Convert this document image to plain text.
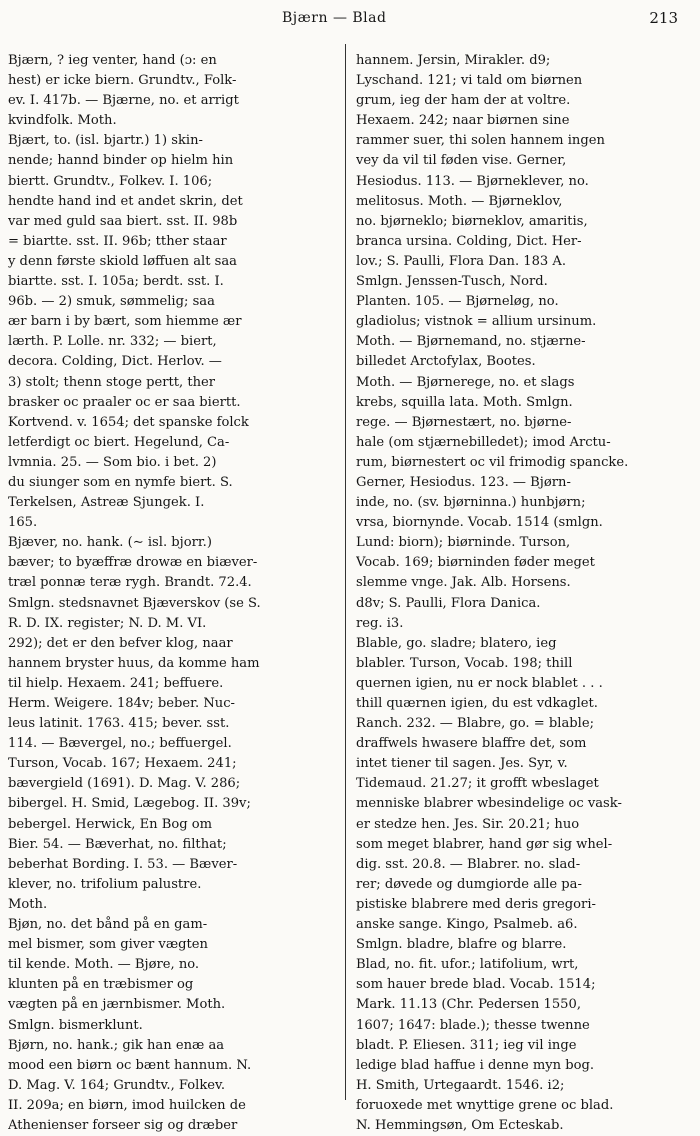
Bjærn — Blad	213
Bjærn, ? ieg venter, hand (ɔ: en
hest) er icke biern. Grundtv., Folk-
ev. I. 417b. — Bjærne, no. et arrigt
kvindfolk. Moth.
Bjært, to. (isl. bjartr.) 1) skin-
nende; hannd binder op hielm hin
biertt. Grundtv., Folkev. I. 106;
hendte hand ind et andet skrin, det
var med guld saa biert. sst. II. 98b
= biartte. sst. II. 96b; tther staar
y denn første skiold løffuen alt saa
biartte. sst. I. 105a; berdt. sst. I.
96b. — 2) smuk, sømmelig; saa
ær barn i by bært, som hiemme ær
lærth. P. Lolle. nr. 332; — biert,
decora. Colding, Dict. Herlov. —
3) stolt; thenn stoge pertt, ther
brasker oc praaler oc er saa biertt.
Kortvend. v. 1654; det spanske folck
letferdigt oc biert. Hegelund, Ca-
lvmnia. 25. — Som bio. i bet. 2)
du siunger som en nymfe biert. S.
Terkelsen, Astreæ Sjungek. I.
165.
Bjæver, no. hank. (∼ isl. bjorr.)
bæver; to byæffræ drowæ en biæver-
træl ponnæ teræ rygh. Brandt. 72.4.
Smlgn. stedsnavnet Bjæverskov (se S.
R. D. IX. register; N. D. M. VI.
292); det er den befver klog, naar
hannem bryster huus, da komme ham
til hielp. Hexaem. 241; beffuere.
Herm. Weigere. 184v; beber. Nuc-
leus latinit. 1763. 415; bever. sst.
114. — Bævergel, no.; beffuergel.
Turson, Vocab. 167; Hexaem. 241;
bævergield (1691). D. Mag. V. 286;
bibergel. H. Smid, Lægebog. II. 39v;
bebergel. Herwick, En Bog om
Bier. 54. — Bæverhat, no. filthat;
beberhat Bording. I. 53. — Bæver-
klever, no. trifolium palustre.
Moth.
Bjøn, no. det bånd på en gam-
mel bismer, som giver vægten
til kende. Moth. — Bjøre, no.
klunten på en træbismer og
vægten på en jærnbismer. Moth.
Smlgn. bismerklunt.
Bjørn, no. hank.; gik han enæ aa
mood een biørn oc bænt hannum. N.
D. Mag. V. 164; Grundtv., Folkev.
II. 209a; en biørn, imod huilcken de
Athenienser forseer sig og dræber
hannem. Jersin, Mirakler. d9;
Lyschand. 121; vi tald om biørnen
grum, ieg der ham der at voltre.
Hexaem. 242; naar biørnen sine
rammer suer, thi solen hannem ingen
vey da vil til føden vise. Gerner,
Hesiodus. 113. — Bjørneklever, no.
melitosus. Moth. — Bjørneklov,
no. bjørneklo; biørneklov, amaritis,
branca ursina. Colding, Dict. Her-
lov.; S. Paulli, Flora Dan. 183 A.
Smlgn. Jenssen-Tusch, Nord.
Planten. 105. — Bjørneløg, no.
gladiolus; vistnok = allium ursinum.
Moth. — Bjørnemand, no. stjærne-
billedet Arctofylax, Bootes.
Moth. — Bjørnerege, no. et slags
krebs, squilla lata. Moth. Smlgn.
rege. — Bjørnestært, no. bjørne-
hale (om stjærnebilledet); imod Arctu-
rum, biørnestert oc vil frimodig spancke.
Gerner, Hesiodus. 123. — Bjørn-
inde, no. (sv. bjørninna.) hunbjørn;
vrsa, biornynde. Vocab. 1514 (smlgn.
Lund: biorn); biørninde. Turson,
Vocab. 169; biørninden føder meget
slemme vnge. Jak. Alb. Horsens.
d8v; S. Paulli, Flora Danica.
reg. i3.
Blable, go. sladre; blatero, ieg
blabler. Turson, Vocab. 198; thill
quernen igien, nu er nock blablet . . .
thill quærnen igien, du est vdkaglet.
Ranch. 232. — Blabre, go. = blable;
draffwels hwasere blaffre det, som
intet tiener til sagen. Jes. Syr, v.
Tidemaud. 21.27; it grofft wbeslaget
menniske blabrer wbesindelige oc vask-
er stedze hen. Jes. Sir. 20.21; huo
som meget blabrer, hand gør sig whel-
dig. sst. 20.8. — Blabrer. no. slad-
rer; døvede og dumgiorde alle pa-
pistiske blabrere med deris gregori-
anske sange. Kingo, Psalmeb. a6.
Smlgn. bladre, blafre og blarre.
Blad, no. fit. ufor.; latifolium, wrt,
som hauer brede blad. Vocab. 1514;
Mark. 11.13 (Chr. Pedersen 1550,
1607; 1647: blade.); thesse twenne
bladt. P. Eliesen. 311; ieg vil inge
ledige blad haffue i denne myn bog.
H. Smith, Urtegaardt. 1546. i2;
foruoxede met wnyttige grene oc blad.
N. Hemmingsøn, Om Ecteskab.
